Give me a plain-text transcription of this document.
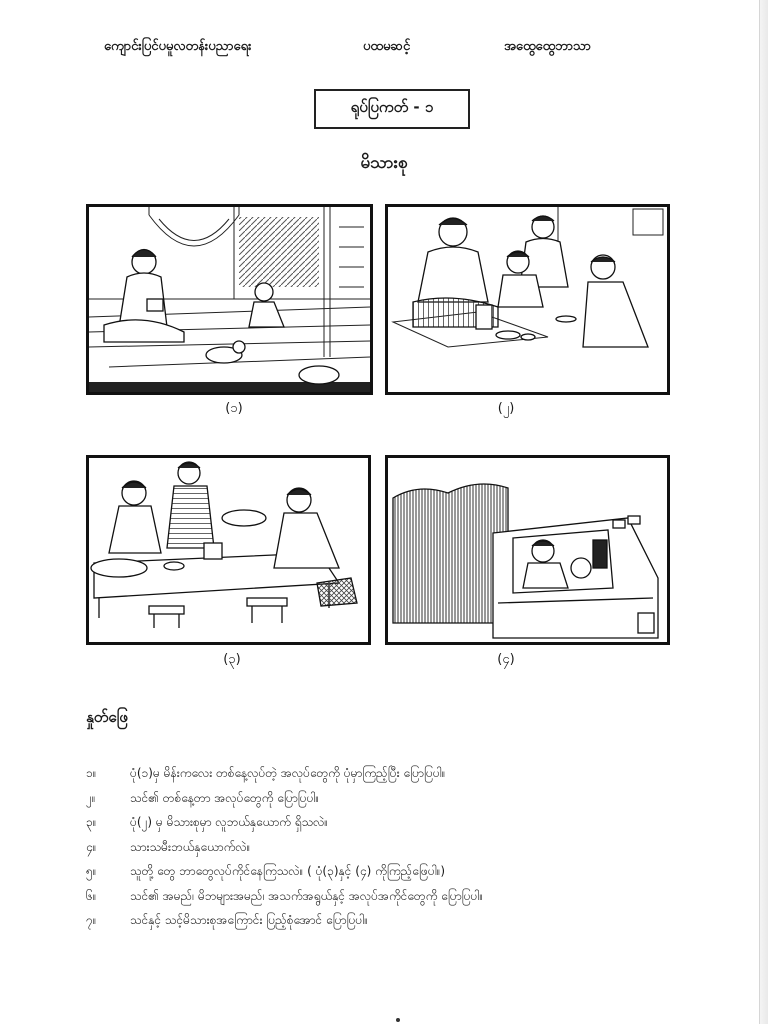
ကျောင်းပြင်ပမူလတန်းပညာရေး	ပထမဆင့်	အထွေထွေဘာသာ
ရုပ်ပြကတ် - ၁
မိသားစု
(၁)	(၂)
(၃)	(၄)
နှုတ်ဖြေ
၁။	ပုံ(၁)မှ မိန်းကလေး တစ်နေ့လုပ်တဲ့ အလုပ်တွေကို ပုံမှာကြည့်ပြီး ပြောပြပါ။
၂။	သင်၏ တစ်နေ့တာ အလုပ်တွေကို ပြောပြပါ။
၃။	ပုံ(၂) မှ မိသားစုမှာ လူဘယ်နှယောက် ရှိသလဲ။
၄။	သားသမီးဘယ်နှယောက်လဲ။
၅။	သူတို့ တွေ ဘာတွေလုပ်ကိုင်နေကြသလဲ။ ( ပုံ(၃)နှင့် (၄) ကိုကြည့်ဖြေပါ။)
၆။	သင်၏ အမည်၊ မိဘများအမည်၊ အသက်အရွယ်နှင့် အလုပ်အကိုင်တွေကို ပြောပြပါ။
၇။	သင်နှင့် သင့်မိသားစုအကြောင်း ပြည့်စုံအောင် ပြောပြပါ။
